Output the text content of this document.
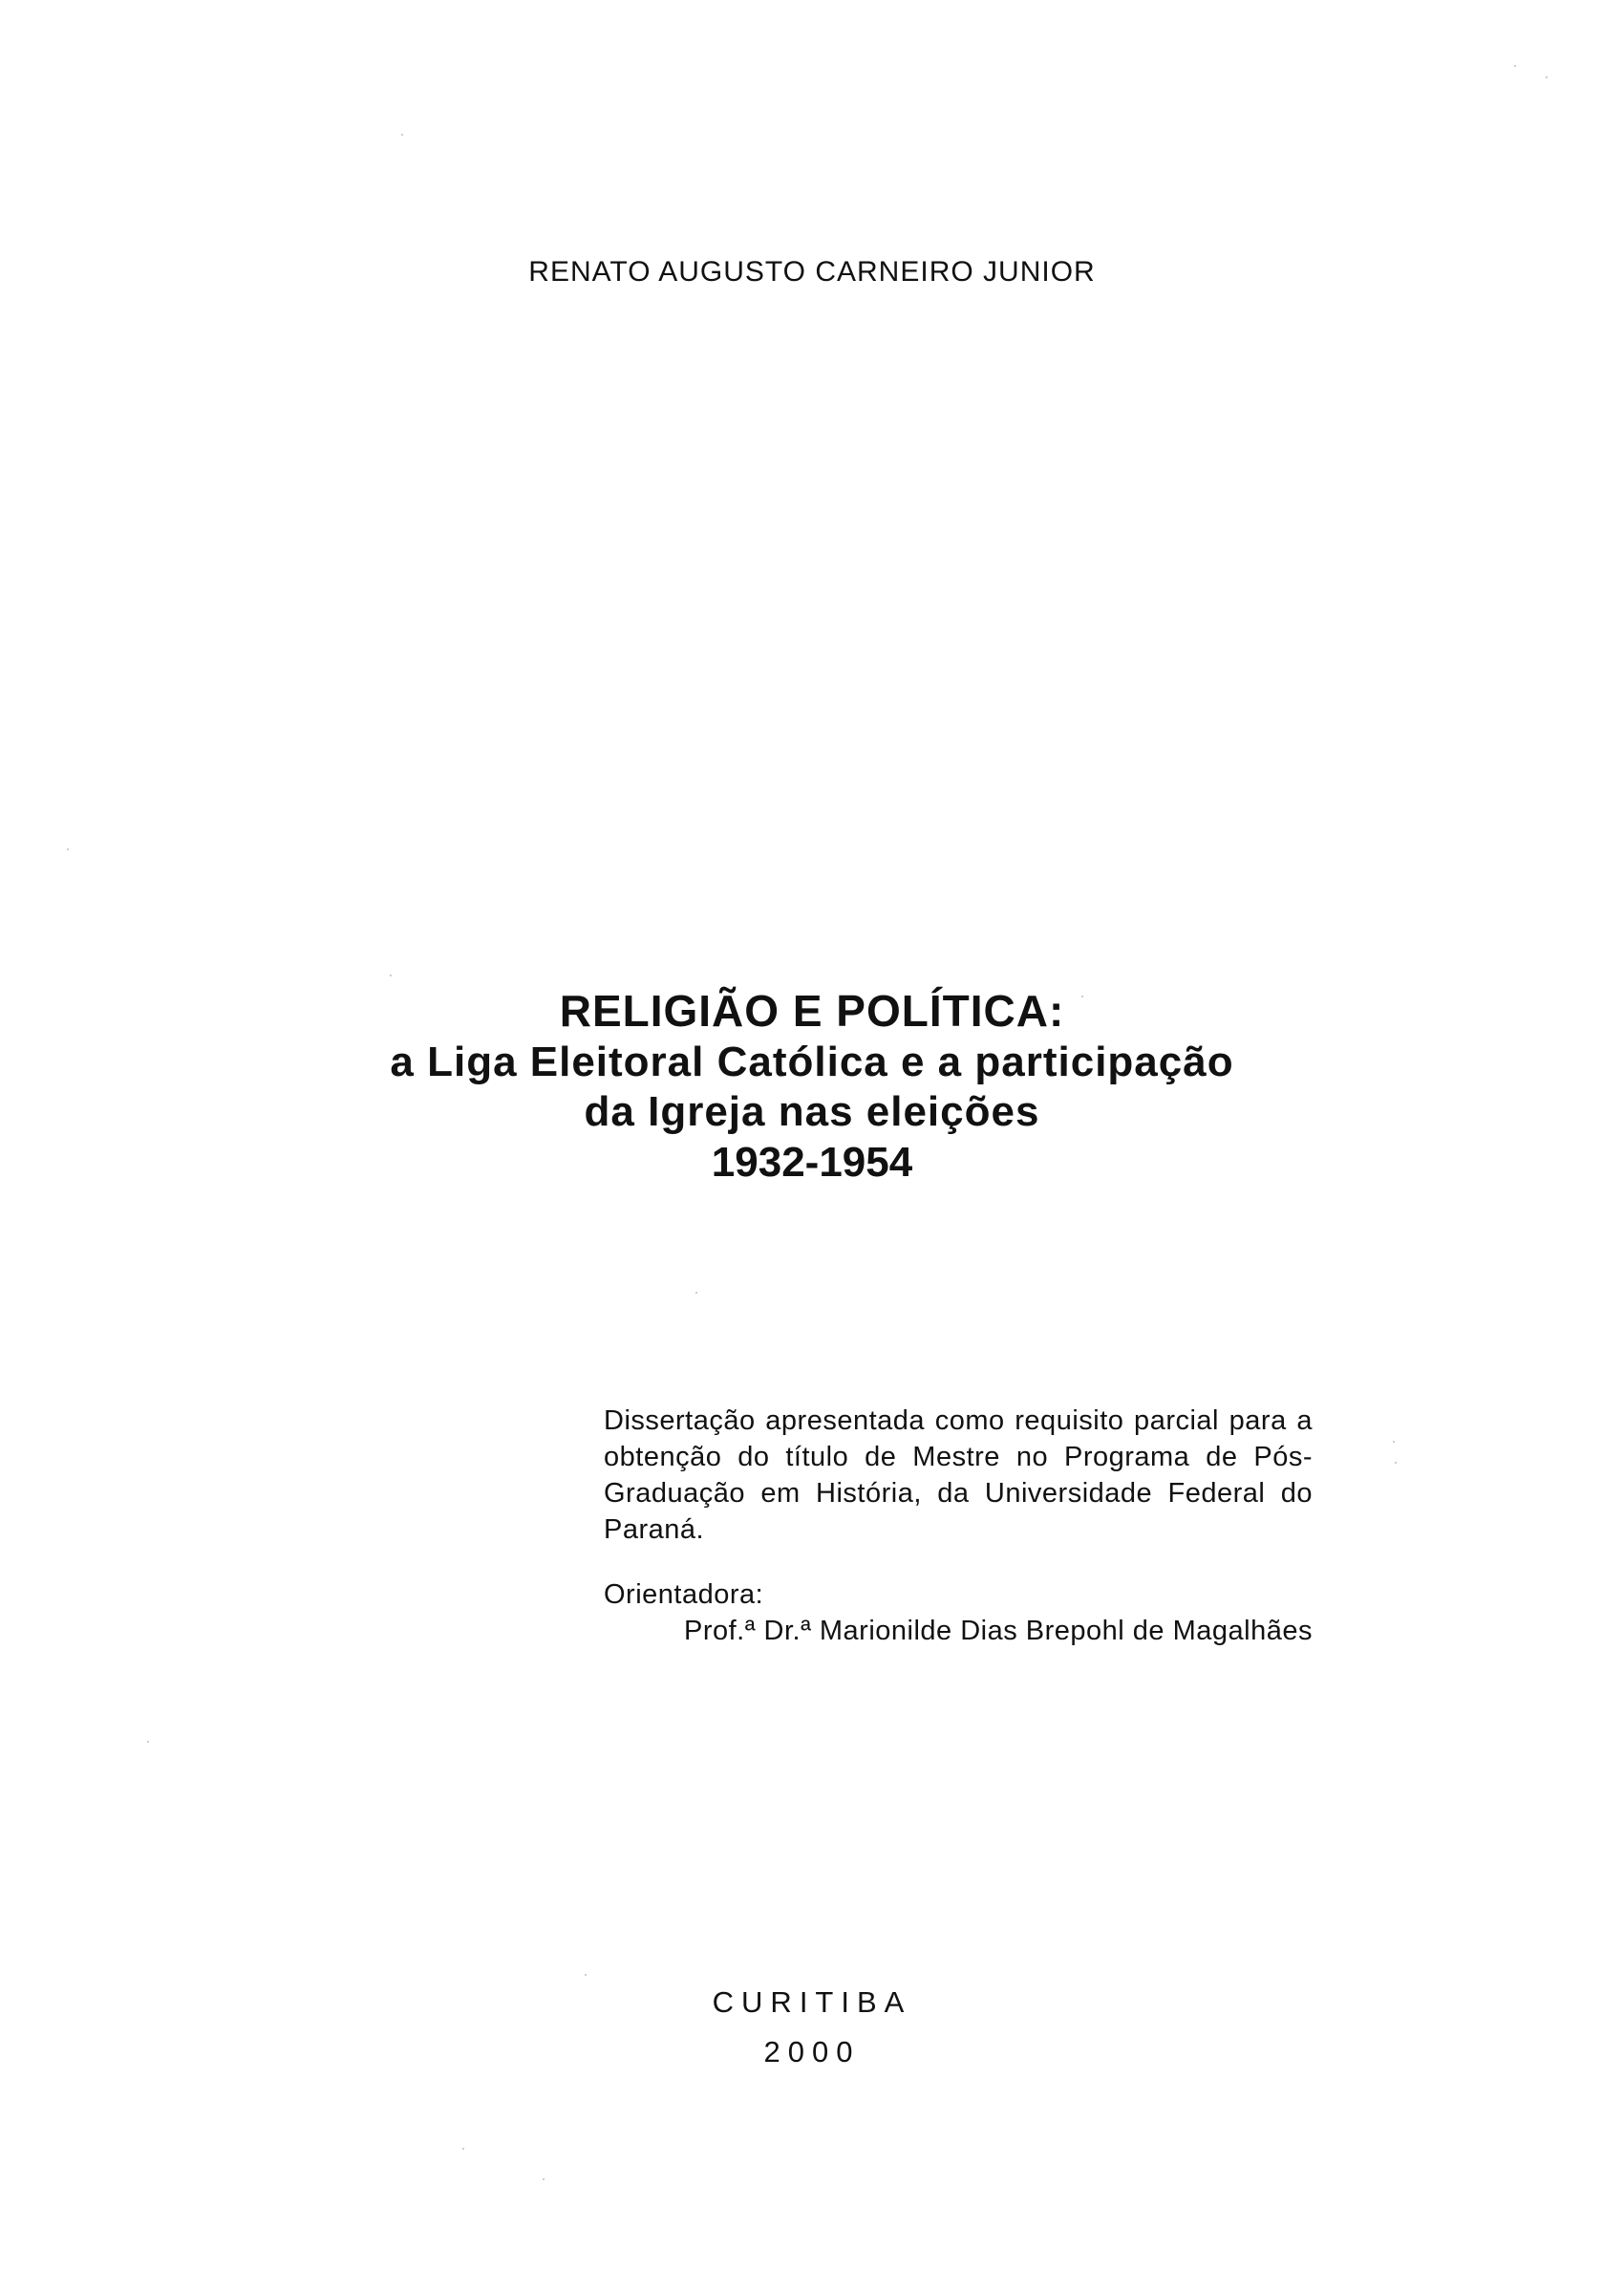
RENATO AUGUSTO CARNEIRO JUNIOR
RELIGIÃO E POLÍTICA:
a Liga Eleitoral Católica e a participação
da Igreja nas eleições
1932-1954
Dissertação apresentada como requisito parcial para a obtenção do título de Mestre no Programa de Pós-Graduação em História, da Universidade Federal do Paraná.
Orientadora:
Prof.ª Dr.ª Marionilde Dias Brepohl de Magalhães
CURITIBA
2000
